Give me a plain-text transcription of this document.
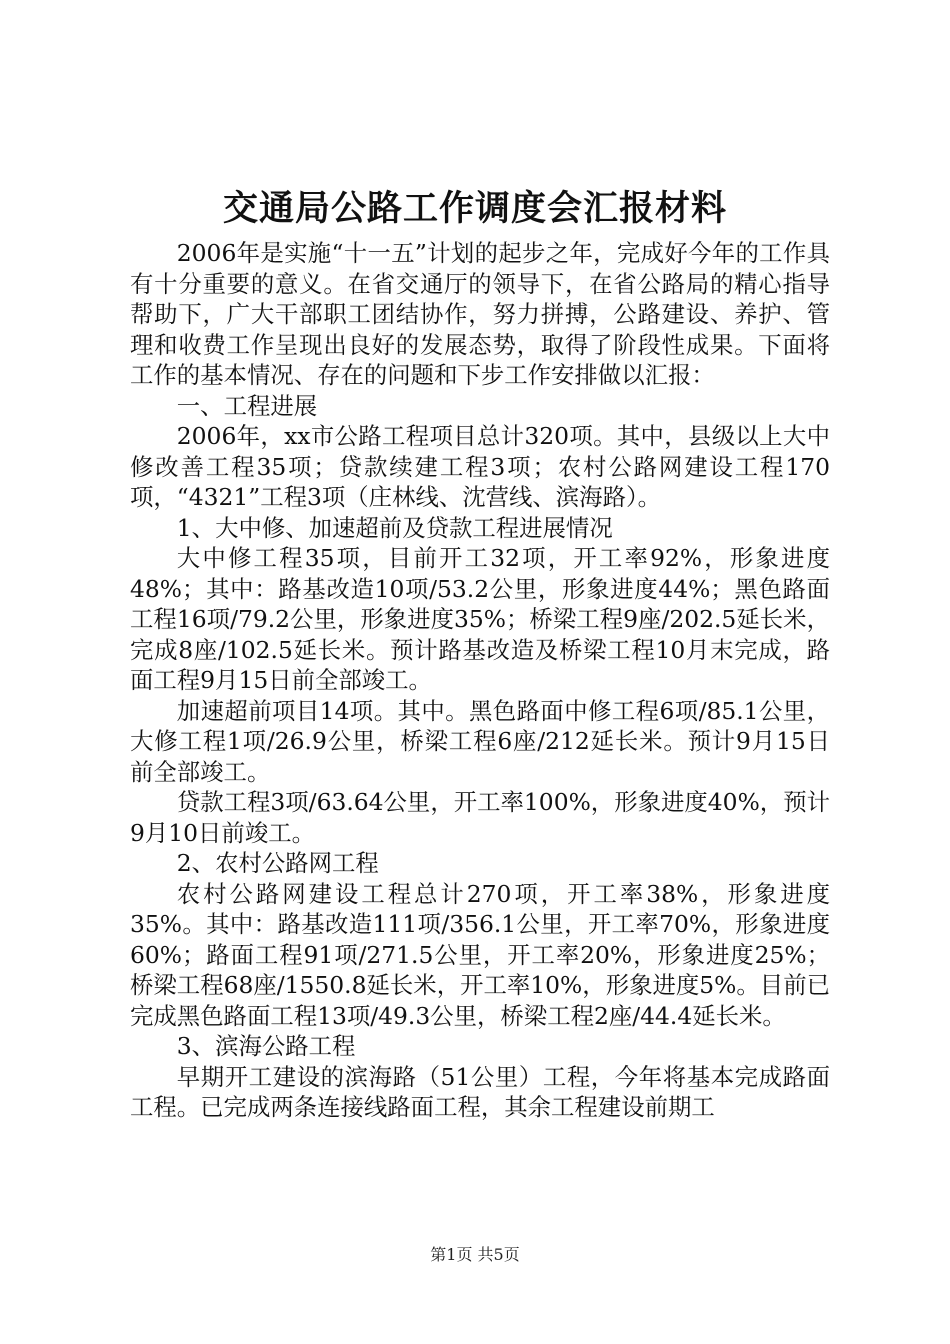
交通局公路工作调度会汇报材料

2006年是实施“十一五”计划的起步之年，完成好今年的工作具有十分重要的意义。在省交通厅的领导下，在省公路局的精心指导帮助下，广大干部职工团结协作，努力拼搏，公路建设、养护、管理和收费工作呈现出良好的发展态势，取得了阶段性成果。下面将工作的基本情况、存在的问题和下步工作安排做以汇报：

一、工程进展

2006年，xx市公路工程项目总计320项。其中，县级以上大中修改善工程35项；贷款续建工程3项；农村公路网建设工程170项，“4321”工程3项（庄林线、沈营线、滨海路）。

1、大中修、加速超前及贷款工程进展情况

大中修工程35项，目前开工32项，开工率92%，形象进度48%；其中：路基改造10项/53.2公里，形象进度44%；黑色路面工程16项/79.2公里，形象进度35%；桥梁工程9座/202.5延长米，完成8座/102.5延长米。预计路基改造及桥梁工程10月末完成，路面工程9月15日前全部竣工。

加速超前项目14项。其中。黑色路面中修工程6项/85.1公里，大修工程1项/26.9公里，桥梁工程6座/212延长米。预计9月15日前全部竣工。

贷款工程3项/63.64公里，开工率100%，形象进度40%，预计9月10日前竣工。

2、农村公路网工程

农村公路网建设工程总计270项，开工率38%，形象进度35%。其中：路基改造111项/356.1公里，开工率70%，形象进度60%；路面工程91项/271.5公里，开工率20%，形象进度25%；桥梁工程68座/1550.8延长米，开工率10%，形象进度5%。目前已完成黑色路面工程13项/49.3公里，桥梁工程2座/44.4延长米。

3、滨海公路工程

早期开工建设的滨海路（51公里）工程，今年将基本完成路面工程。已完成两条连接线路面工程，其余工程建设前期工

第1页 共5页
